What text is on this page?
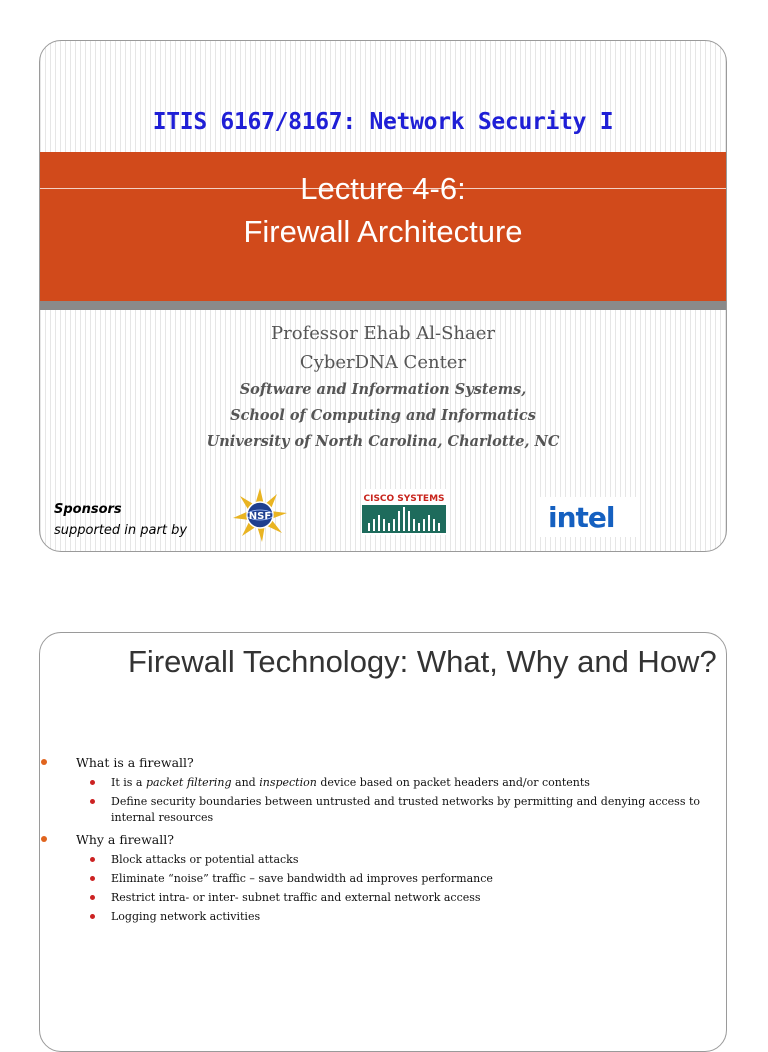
ITIS 6167/8167: Network Security I
Lecture 4-6:
Firewall Architecture
Professor Ehab Al-Shaer
CyberDNA Center
Software and Information Systems,
School of Computing and Informatics
University of North Carolina, Charlotte, NC
Sponsors
supported in part by
NSF
CISCO SYSTEMS
intel
Firewall Technology: What, Why and How?
What is a firewall?
It is a packet filtering and inspection device based on packet headers and/or contents
Define security boundaries between untrusted and trusted networks by permitting and denying access to internal resources
Why a firewall?
Block attacks or potential attacks
Eliminate “noise” traffic – save bandwidth ad improves performance
Restrict intra- or inter- subnet traffic and external network access
Logging network activities
